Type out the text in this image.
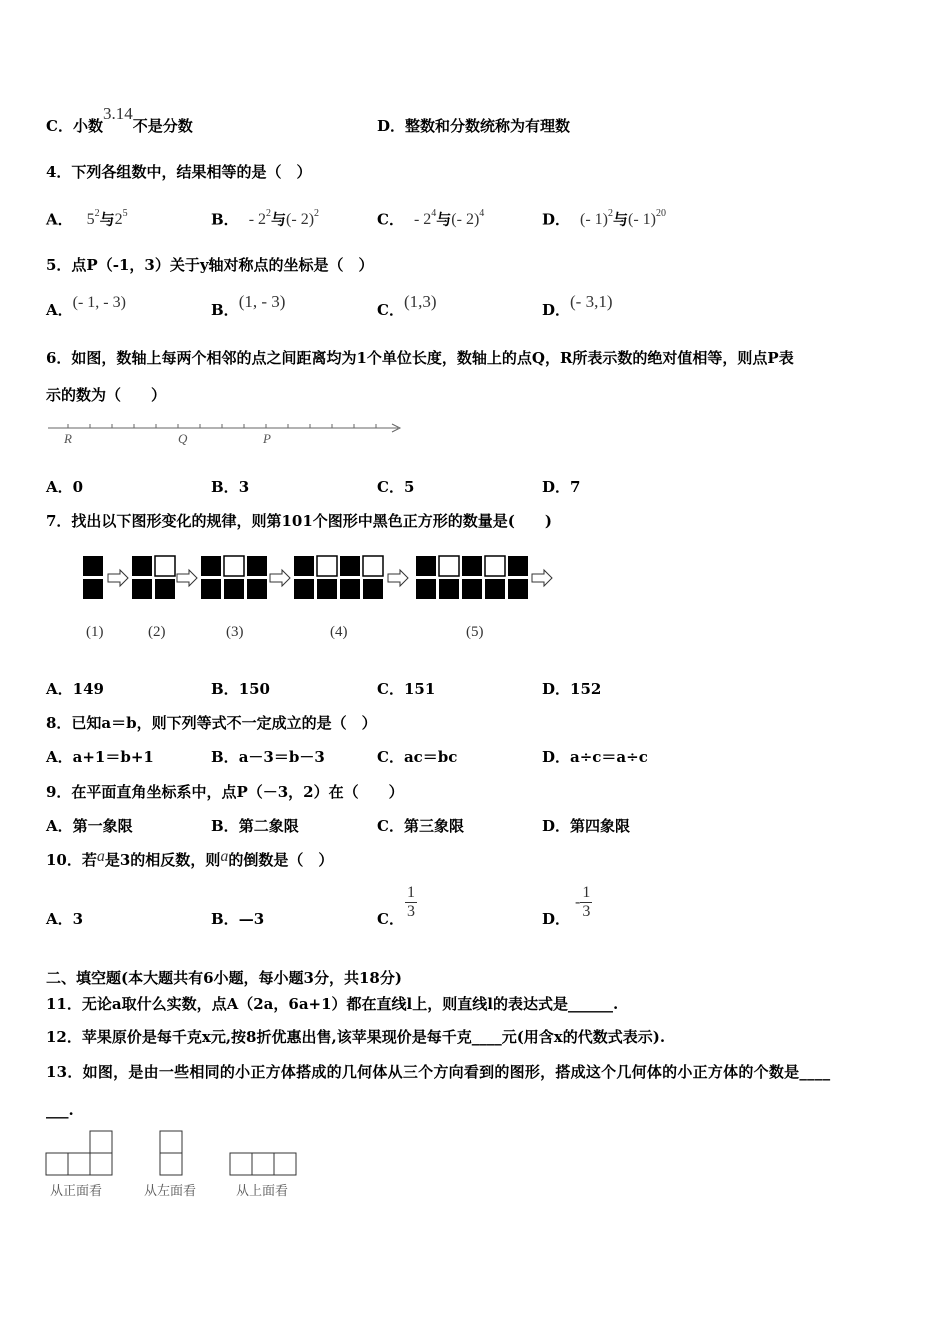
C．小数3.14不是分数	D．整数和分数统称为有理数
4．下列各组数中，结果相等的是（　）
A． $5^2$与$2^5$	B． - $2^2$与(- 2)$^2$	C． - $2^4$与(- 2)$^4$	D． (- 1)$^2$与(- 1)$^{20}$
5．点P（-1，3）关于y轴对称点的坐标是（　）
A．(- 1, - 3)	B．(1, - 3)	C．(1,3)	D．(- 3,1)
6．如图，数轴上每两个相邻的点之间距离均为1个单位长度，数轴上的点Q，R所表示数的绝对值相等，则点P表
示的数为（　　）
R	Q	P
A．0	B．3	C．5	D．7
7．找出以下图形变化的规律，则第101个图形中黑色正方形的数量是(　　)
(1)	(2)	(3)	(4)	(5)
A．149	B．150	C．151	D．152
8．已知a＝b，则下列等式不一定成立的是（　）
A．a+1＝b+1	B．a－3＝b－3	C．ac＝bc	D．a÷c＝a÷c
9．在平面直角坐标系中，点P（－3，2）在（　　）
A．第一象限	B．第二象限	C．第三象限	D．第四象限
10．若a是3的相反数，则a的倒数是（　）
A．3	B．—3	C． $\frac{1}{3}$	D．
- $\frac{1}{3}$
二、填空题(本大题共有6小题，每小题3分，共18分)
11．无论a取什么实数，点A（2a，6a+1）都在直线l上，则直线l的表达式是______.
12．苹果原价是每千克x元,按8折优惠出售,该苹果现价是每千克____元(用含x的代数式表示).
13．如图，是由一些相同的小正方体搭成的几何体从三个方向看到的图形，搭成这个几何体的小正方体的个数是____
___.
从正面看	从左面看	从上面看
